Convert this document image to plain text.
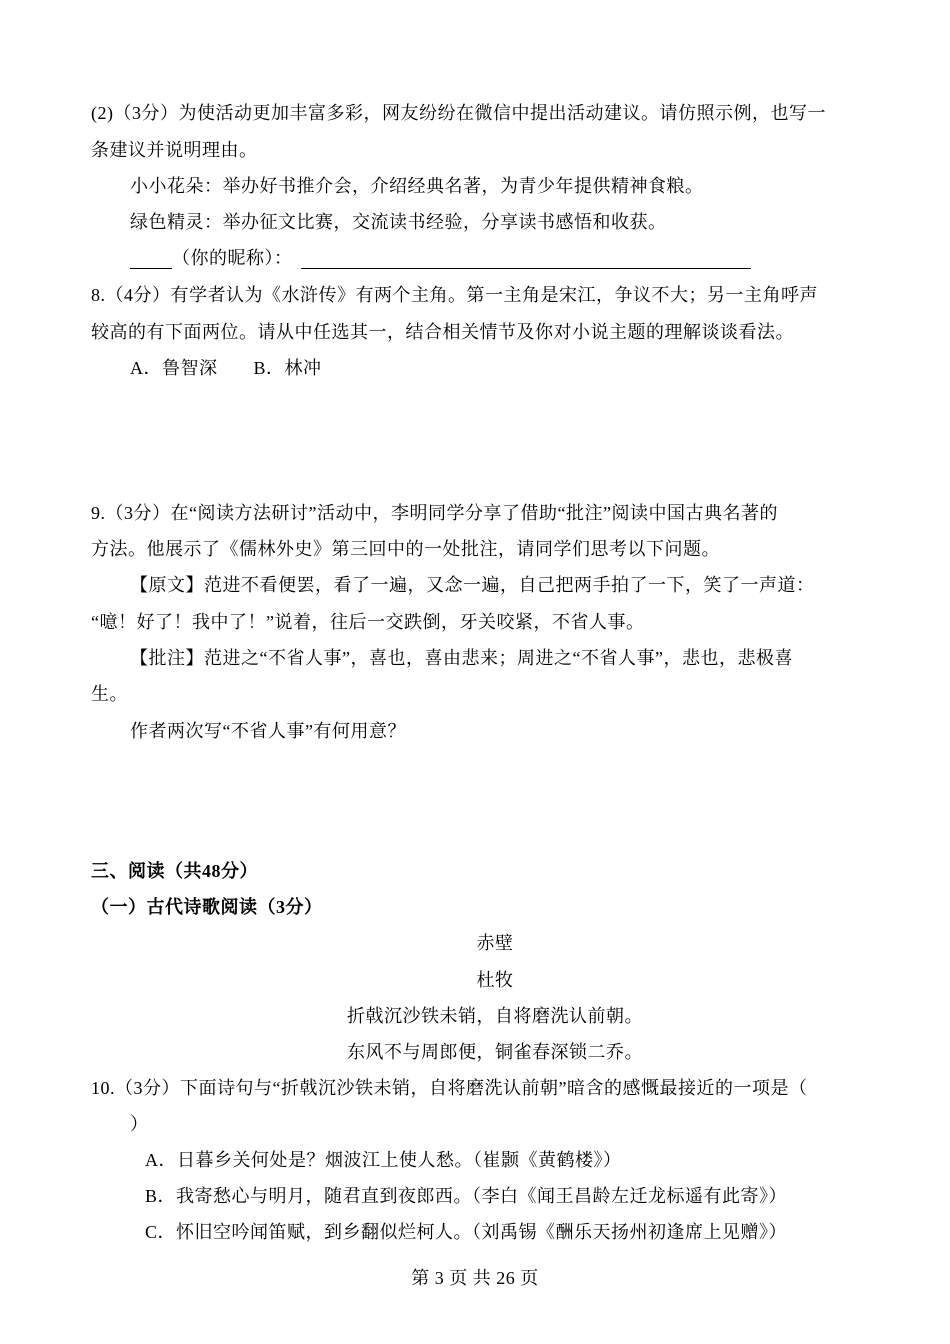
(2)（3分）为使活动更加丰富多彩，网友纷纷在微信中提出活动建议。请仿照示例，也写一
条建议并说明理由。
小小花朵：举办好书推介会，介绍经典名著，为青少年提供精神食粮。
绿色精灵：举办征文比赛，交流读书经验，分享读书感悟和收获。
（你的昵称）：
8.（4分）有学者认为《水浒传》有两个主角。第一主角是宋江，争议不大；另一主角呼声
较高的有下面两位。请从中任选其一，结合相关情节及你对小说主题的理解谈谈看法。
A．鲁智深 B．林冲
9.（3分）在“阅读方法研讨”活动中，李明同学分享了借助“批注”阅读中国古典名著的
方法。他展示了《儒林外史》第三回中的一处批注，请同学们思考以下问题。
【原文】范进不看便罢，看了一遍，又念一遍，自己把两手拍了一下，笑了一声道：
“噫！好了！我中了！”说着，往后一交跌倒，牙关咬紧，不省人事。
【批注】范进之“不省人事”，喜也，喜由悲来；周进之“不省人事”，悲也，悲极喜
生。
作者两次写“不省人事”有何用意？
三、阅读（共48分）
（一）古代诗歌阅读（3分）
赤壁
杜牧
折戟沉沙铁未销，自将磨洗认前朝。
东风不与周郎便，铜雀春深锁二乔。
10.（3分）下面诗句与“折戟沉沙铁未销，自将磨洗认前朝”暗含的感慨最接近的一项是（
）
A．日暮乡关何处是？烟波江上使人愁。（崔颢《黄鹤楼》）
B．我寄愁心与明月，随君直到夜郎西。（李白《闻王昌龄左迁龙标遥有此寄》）
C．怀旧空吟闻笛赋，到乡翻似烂柯人。（刘禹锡《酬乐天扬州初逢席上见赠》）
第 3 页 共 26 页
